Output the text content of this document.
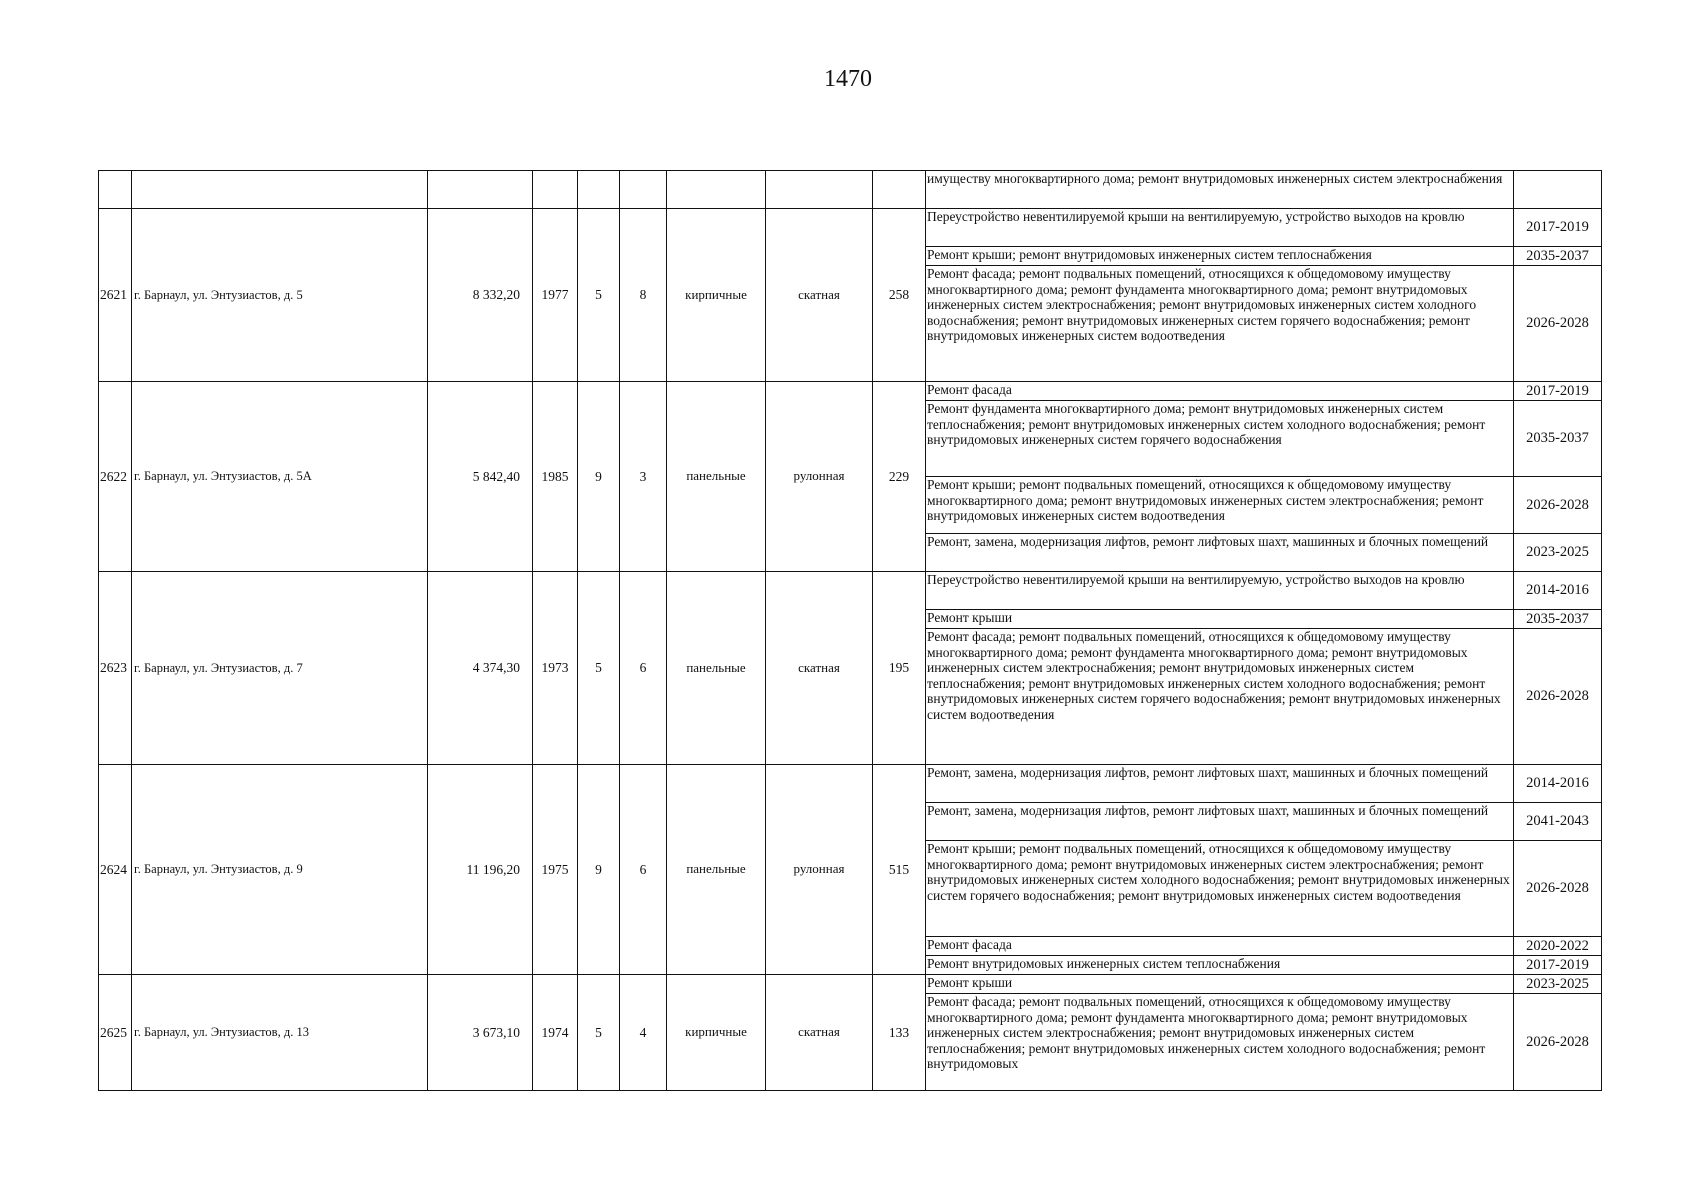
1470
									имуществу многоквартирного дома; ремонт внутридомовых инженерных систем электроснабжения	
2621	г. Барнаул, ул. Энтузиастов, д. 5	8 332,20	1977	5	8	кирпичные	скатная	258	Переустройство невентилируемой крыши на вентилируемую, устройство выходов на кровлю	2017-2019
									Ремонт крыши; ремонт внутридомовых инженерных систем теплоснабжения	2035-2037
									Ремонт фасада; ремонт подвальных помещений, относящихся к общедомовому имуществу многоквартирного дома; ремонт фундамента многоквартирного дома; ремонт внутридомовых инженерных систем электроснабжения; ремонт внутридомовых инженерных систем холодного водоснабжения; ремонт внутридомовых инженерных систем горячего водоснабжения; ремонт внутридомовых инженерных систем водоотведения	2026-2028
2622	г. Барнаул, ул. Энтузиастов, д. 5А	5 842,40	1985	9	3	панельные	рулонная	229	Ремонт фасада	2017-2019
									Ремонт фундамента многоквартирного дома; ремонт внутридомовых инженерных систем теплоснабжения; ремонт внутридомовых инженерных систем холодного водоснабжения; ремонт внутридомовых инженерных систем горячего водоснабжения	2035-2037
									Ремонт крыши; ремонт подвальных помещений, относящихся к общедомовому имуществу многоквартирного дома; ремонт внутридомовых инженерных систем электроснабжения; ремонт внутридомовых инженерных систем водоотведения	2026-2028
									Ремонт, замена, модернизация лифтов, ремонт лифтовых шахт, машинных и блочных помещений	2023-2025
2623	г. Барнаул, ул. Энтузиастов, д. 7	4 374,30	1973	5	6	панельные	скатная	195	Переустройство невентилируемой крыши на вентилируемую, устройство выходов на кровлю	2014-2016
									Ремонт крыши	2035-2037
									Ремонт фасада; ремонт подвальных помещений, относящихся к общедомовому имуществу многоквартирного дома; ремонт фундамента многоквартирного дома; ремонт внутридомовых инженерных систем электроснабжения; ремонт внутридомовых инженерных систем теплоснабжения; ремонт внутридомовых инженерных систем холодного водоснабжения; ремонт внутридомовых инженерных систем горячего водоснабжения; ремонт внутридомовых инженерных систем водоотведения	2026-2028
2624	г. Барнаул, ул. Энтузиастов, д. 9	11 196,20	1975	9	6	панельные	рулонная	515	Ремонт, замена, модернизация лифтов, ремонт лифтовых шахт, машинных и блочных помещений	2014-2016
									Ремонт, замена, модернизация лифтов, ремонт лифтовых шахт, машинных и блочных помещений	2041-2043
									Ремонт крыши; ремонт подвальных помещений, относящихся к общедомовому имуществу многоквартирного дома; ремонт внутридомовых инженерных систем электроснабжения; ремонт внутридомовых инженерных систем холодного водоснабжения; ремонт внутридомовых инженерных систем горячего водоснабжения; ремонт внутридомовых инженерных систем водоотведения	2026-2028
									Ремонт фасада	2020-2022
									Ремонт внутридомовых инженерных систем теплоснабжения	2017-2019
2625	г. Барнаул, ул. Энтузиастов, д. 13	3 673,10	1974	5	4	кирпичные	скатная	133	Ремонт крыши	2023-2025
									Ремонт фасада; ремонт подвальных помещений, относящихся к общедомовому имуществу многоквартирного дома; ремонт фундамента многоквартирного дома; ремонт внутридомовых инженерных систем электроснабжения; ремонт внутридомовых инженерных систем теплоснабжения; ремонт внутридомовых инженерных систем холодного водоснабжения; ремонт внутридомовых	2026-2028
